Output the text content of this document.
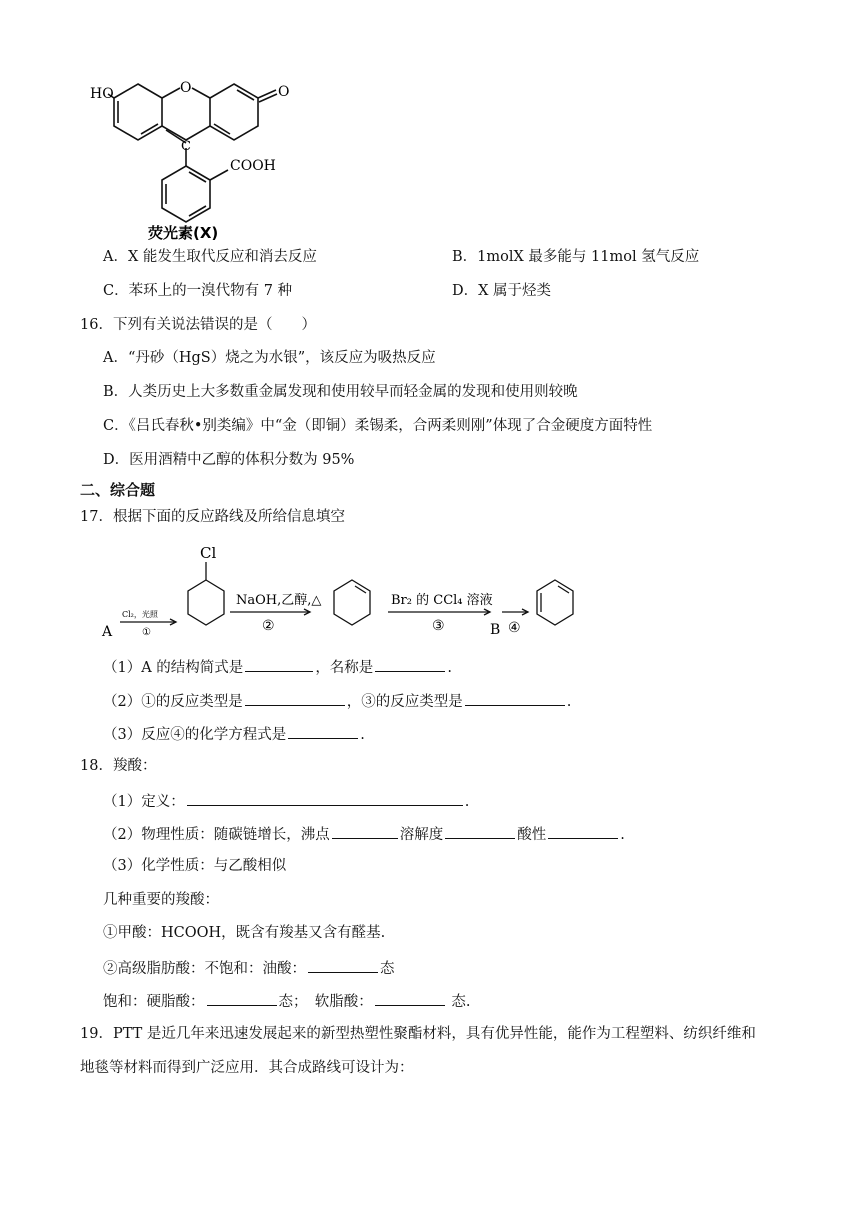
HO	O	O
C
COOH
荧光素(X)
A．X 能发生取代反应和消去反应	B．1molX 最多能与 11mol 氢气反应
C．苯环上的一溴代物有 7 种	D．X 属于烃类
16．下列有关说法错误的是（　　）
A．“丹砂（HgS）烧之为水银”，该反应为吸热反应
B．人类历史上大多数重金属发现和使用较早而轻金属的发现和使用则较晚
C．《吕氏春秋•别类编》中“金（即铜）柔锡柔，合两柔则刚”体现了合金硬度方面特性
D．医用酒精中乙醇的体积分数为 95%
二、综合题
17．根据下面的反应路线及所给信息填空
A
Cl₂，光照
①
Cl
NaOH,乙醇,△
②
Br₂ 的 CCl₄ 溶液
③	B ④
（1）A 的结构简式是	，名称是	.
（2）①的反应类型是	，③的反应类型是	.
（3）反应④的化学方程式是	.
18．羧酸：
（1）定义：	.
（2）物理性质：随碳链增长，沸点	溶解度	酸性	.
（3）化学性质：与乙酸相似
几种重要的羧酸：
①甲酸：HCOOH，既含有羧基又含有醛基.
②高级脂肪酸：不饱和：油酸：	态
饱和：硬脂酸：	态；　软脂酸：	态.
19．PTT 是近几年来迅速发展起来的新型热塑性聚酯材料，具有优异性能，能作为工程塑料、纺织纤维和
地毯等材料而得到广泛应用．其合成路线可设计为：
